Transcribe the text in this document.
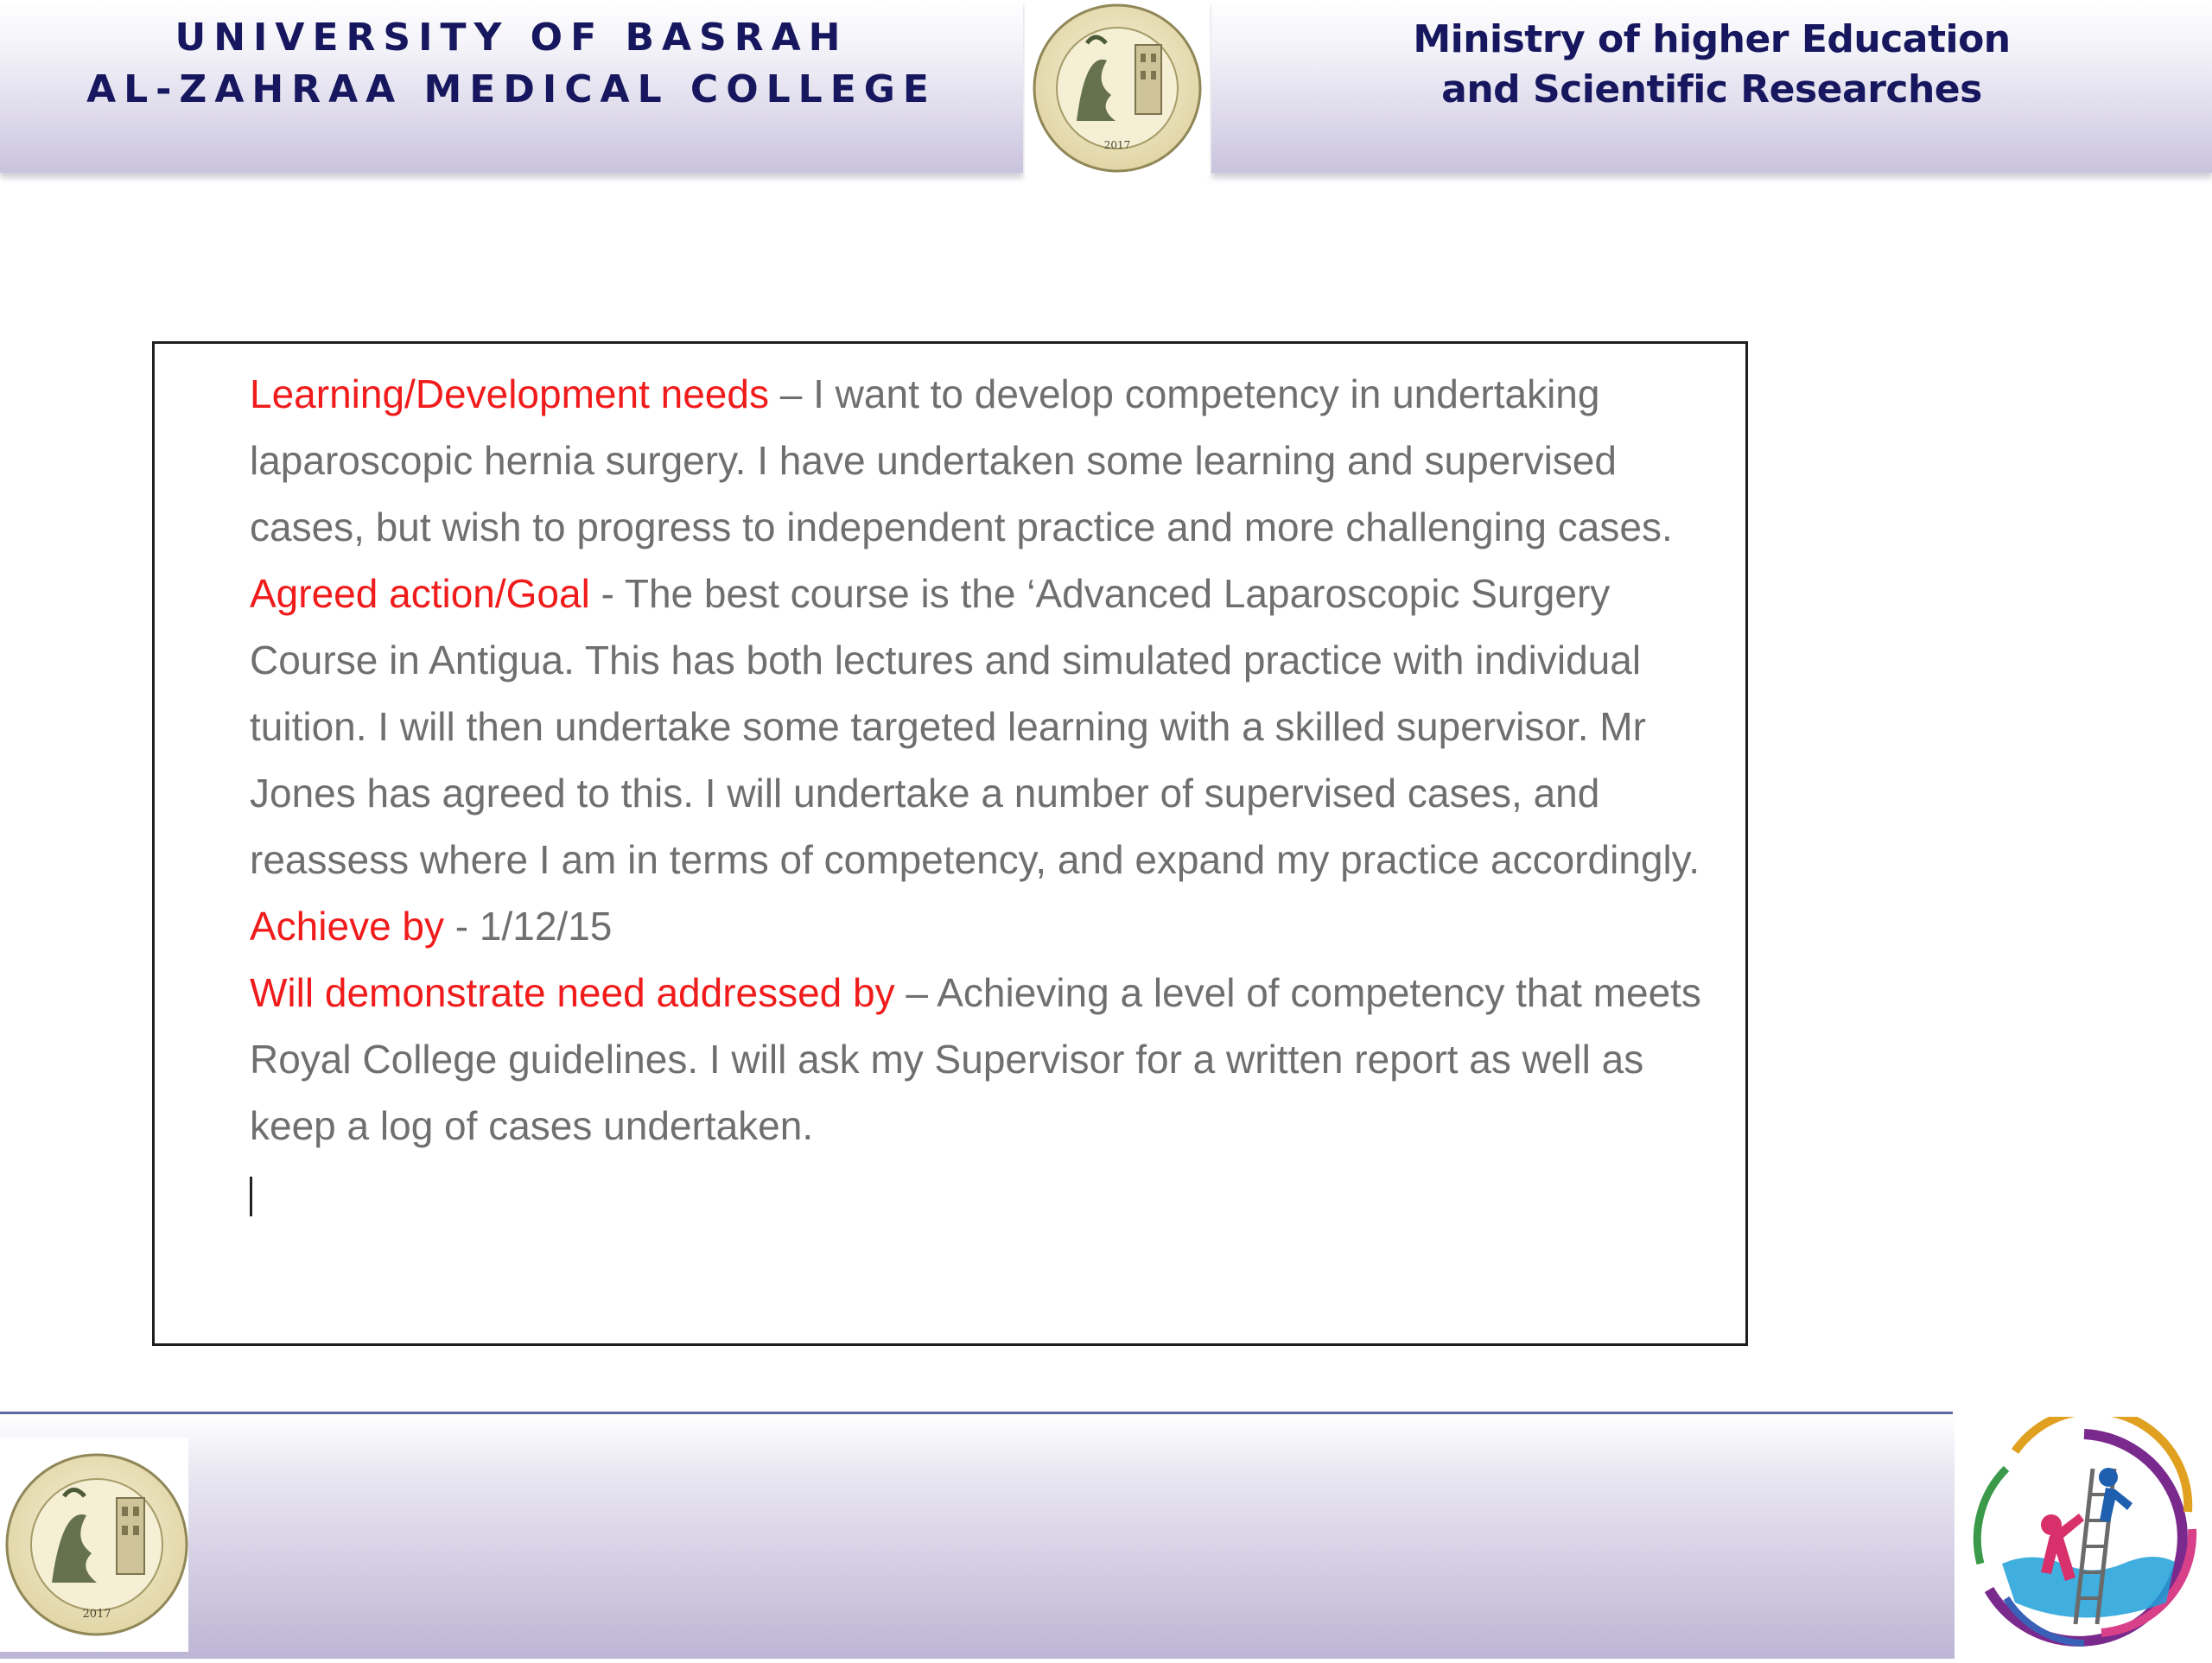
UNIVERSITY OF BASRAH
AL-ZAHRAA MEDICAL COLLEGE
Ministry of higher Education
and Scientific Researches
2017

Learning/Development needs – I want to develop competency in undertaking laparoscopic hernia surgery. I have undertaken some learning and supervised cases, but wish to progress to independent practice and more challenging cases.

Agreed action/Goal - The best course is the ‘Advanced Laparoscopic Surgery Course in Antigua. This has both lectures and simulated practice with individual tuition. I will then undertake some targeted learning with a skilled supervisor. Mr Jones has agreed to this. I will undertake a number of supervised cases, and reassess where I am in terms of competency, and expand my practice accordingly.

Achieve by - 1/12/15

Will demonstrate need addressed by – Achieving a level of competency that meets Royal College guidelines. I will ask my Supervisor for a written report as well as keep a log of cases undertaken.

2017
